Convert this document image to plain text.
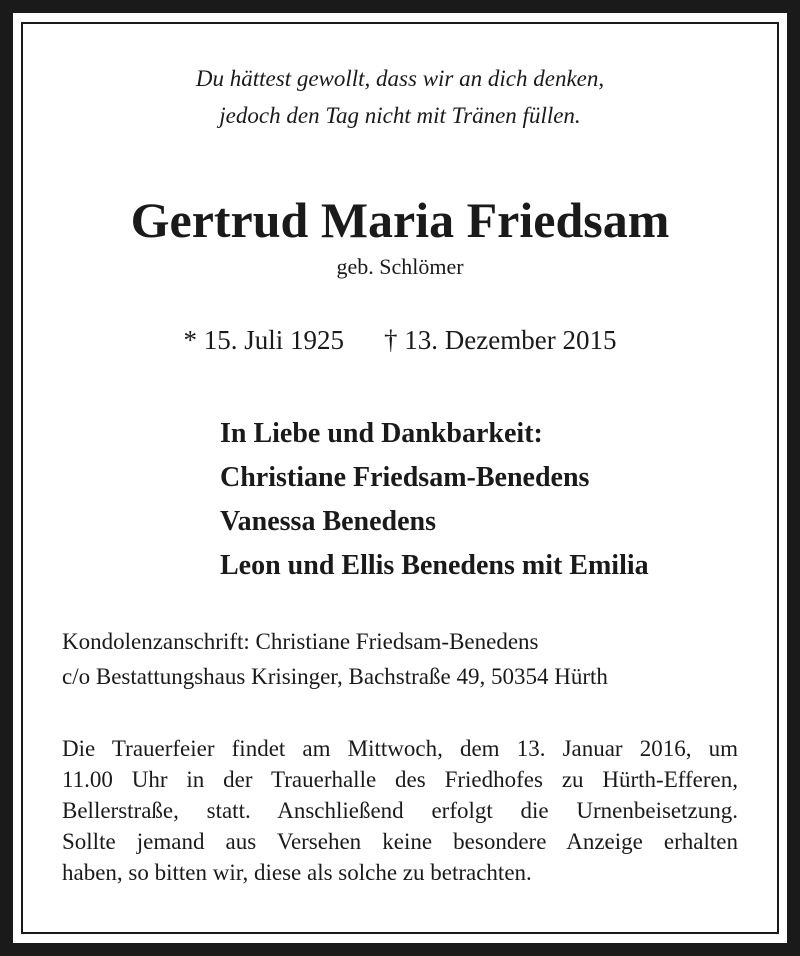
Du hättest gewollt, dass wir an dich denken,
jedoch den Tag nicht mit Tränen füllen.
Gertrud Maria Friedsam
geb. Schlömer
* 15. Juli 1925 † 13. Dezember 2015
In Liebe und Dankbarkeit:
Christiane Friedsam-Benedens
Vanessa Benedens
Leon und Ellis Benedens mit Emilia
Kondolenzanschrift: Christiane Friedsam-Benedens
c/o Bestattungshaus Krisinger, Bachstraße 49, 50354 Hürth
Die Trauerfeier findet am Mittwoch, dem 13. Januar 2016, um
11.00 Uhr in der Trauerhalle des Friedhofes zu Hürth-Efferen,
Bellerstraße, statt. Anschließend erfolgt die Urnenbeisetzung.
Sollte jemand aus Versehen keine besondere Anzeige erhalten
haben, so bitten wir, diese als solche zu betrachten.
